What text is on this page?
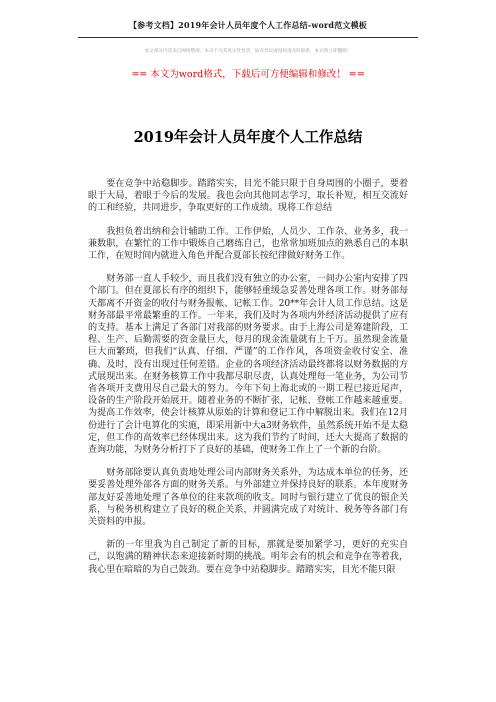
【参考文档】2019年会计人员年度个人工作总结-word范文模板
本文部分内容来自网络整理，本司不为其真实性负责，如有异议或侵权请及时联系，本司将立即删除！
== 本文为word格式，下载后可方便编辑和修改！ ==
2019年会计人员年度个人工作总结

要在竞争中站稳脚步。踏踏实实，目光不能只限于自身周围的小圈子，要着眼于大局，着眼于今后的发展。我也会向其他同志学习，取长补短，相互交流好的工和经验，共同进步，争取更好的工作成绩。现将工作总结

我担负着出纳和会计辅助工作。工作伊始，人员少、工作杂、业务多，我一兼数职，在繁忙的工作中锻炼自己磨练自己，也常常加班加点的熟悉自己的本职工作，在短时间内就进入角色并配合夏部长按纪律做好财务工作。

财务部一直人手较少，而且我们没有独立的办公室，一间办公室内安排了四个部门。但在夏部长有序的组织下，能够轻重缓急妥善处理各项工作。财务部每天都离不开资金的收付与财务报帐、记帐工作。20**年会计人员工作总结。这是财务部最平常最繁重的工作。一年来，我们及时为各项内外经济活动提供了应有的支持。基本上满足了各部门对我部的财务要求。由于上海公司是筹建阶段，工程、生产、后勤需要的资金量巨大，每月的现金流量就有上千万。虽然现金流量巨大而繁琐，但我们“认真、仔细、严谨”的工作作风，各项资金收付安全、准确、及时，没有出现过任何差错。企业的各项经济活动最终都将以财务数据的方式展现出来。在财务核算工作中我都尽职尽责，认真处理每一笔业务，为公司节省各项开支费用尽自己最大的努力。今年下旬上海北或的一期工程已接近尾声，设备的生产阶段开始展开。随着业务的不断扩张，记帐、登帐工作越来越重要。为提高工作效率，使会计核算从原始的计算和登记工作中解脱出来。我们在12月份进行了会计电算化的实施，即采用新中大a3财务软件，虽然系统开始不是太稳定，但工作的高效率已经体现出来。这为我们节约了时间，还大大提高了数据的查询功能，为财务分析打下了良好的基础，使财务工作上了一个新的台阶。

财务部除要认真负责地处理公司内部财务关系外，为达成本单位的任务，还要妥善处理外部各方面的财务关系。与外部建立并保持良好的联系。本年度财务部友好妥善地处理了各单位的往来款项的收支。同时与银行建立了优良的银企关系，与税务机构建立了良好的税企关系，并圆满完成了对统计、税务等各部门有关资料的申报。

新的一年里我为自己制定了新的目标，那就是要加紧学习，更好的充实自己，以饱满的精神状态来迎接新时期的挑战。明年会有的机会和竞争在等着我，我心里在暗暗的为自己鼓劲。要在竞争中站稳脚步。踏踏实实，目光不能只限
